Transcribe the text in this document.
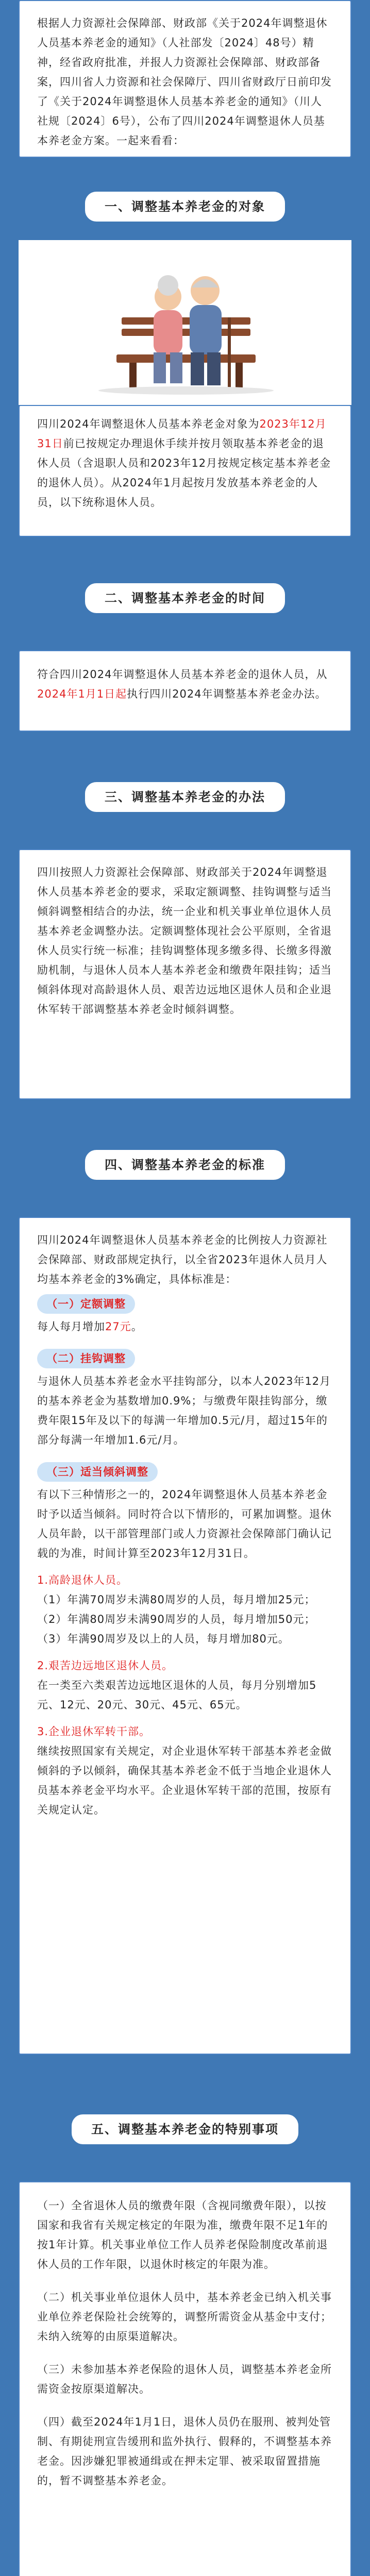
根据人力资源社会保障部、财政部《关于2024年调整退休人员基本养老金的通知》（人社部发〔2024〕48号）精神，经省政府批准，并报人力资源社会保障部、财政部备案，四川省人力资源和社会保障厅、四川省财政厅日前印发了《关于2024年调整退休人员基本养老金的通知》（川人社规〔2024〕6号），公布了四川2024年调整退休人员基本养老金方案。一起来看看：

一、调整基本养老金的对象

四川2024年调整退休人员基本养老金对象为2023年12月31日前已按规定办理退休手续并按月领取基本养老金的退休人员（含退职人员和2023年12月按规定核定基本养老金的退休人员）。从2024年1月起按月发放基本养老金的人员，以下统称退休人员。

二、调整基本养老金的时间

符合四川2024年调整退休人员基本养老金的退休人员，从2024年1月1日起执行四川2024年调整基本养老金办法。

三、调整基本养老金的办法

四川按照人力资源社会保障部、财政部关于2024年调整退休人员基本养老金的要求，采取定额调整、挂钩调整与适当倾斜调整相结合的办法，统一企业和机关事业单位退休人员基本养老金调整办法。定额调整体现社会公平原则，全省退休人员实行统一标准；挂钩调整体现多缴多得、长缴多得激励机制，与退休人员本人基本养老金和缴费年限挂钩；适当倾斜体现对高龄退休人员、艰苦边远地区退休人员和企业退休军转干部调整基本养老金时倾斜调整。

四、调整基本养老金的标准

四川2024年调整退休人员基本养老金的比例按人力资源社会保障部、财政部规定执行，以全省2023年退休人员月人均基本养老金的3%确定，具体标准是：

（一）定额调整

每人每月增加27元。

（二）挂钩调整

与退休人员基本养老金水平挂钩部分，以本人2023年12月的基本养老金为基数增加0.9%；与缴费年限挂钩部分，缴费年限15年及以下的每满一年增加0.5元/月，超过15年的部分每满一年增加1.6元/月。

（三）适当倾斜调整

有以下三种情形之一的，2024年调整退休人员基本养老金时予以适当倾斜。同时符合以下情形的，可累加调整。退休人员年龄，以干部管理部门或人力资源社会保障部门确认记载的为准，时间计算至2023年12月31日。

1.高龄退休人员。

（1）年满70周岁未满80周岁的人员，每月增加25元；

（2）年满80周岁未满90周岁的人员，每月增加50元；

（3）年满90周岁及以上的人员，每月增加80元。

2.艰苦边远地区退休人员。

在一类至六类艰苦边远地区退休的人员，每月分别增加5元、12元、20元、30元、45元、65元。

3.企业退休军转干部。

继续按照国家有关规定，对企业退休军转干部基本养老金做倾斜的予以倾斜，确保其基本养老金不低于当地企业退休人员基本养老金平均水平。企业退休军转干部的范围，按原有关规定认定。

五、调整基本养老金的特别事项

（一）全省退休人员的缴费年限（含视同缴费年限），以按国家和我省有关规定核定的年限为准，缴费年限不足1年的按1年计算。机关事业单位工作人员养老保险制度改革前退休人员的工作年限，以退休时核定的年限为准。

（二）机关事业单位退休人员中，基本养老金已纳入机关事业单位养老保险社会统筹的，调整所需资金从基金中支付；未纳入统筹的由原渠道解决。

（三）未参加基本养老保险的退休人员，调整基本养老金所需资金按原渠道解决。

（四）截至2024年1月1日，退休人员仍在服刑、被判处管制、有期徒刑宣告缓刑和监外执行、假释的，不调整基本养老金。因涉嫌犯罪被通缉或在押未定罪、被采取留置措施的，暂不调整基本养老金。
